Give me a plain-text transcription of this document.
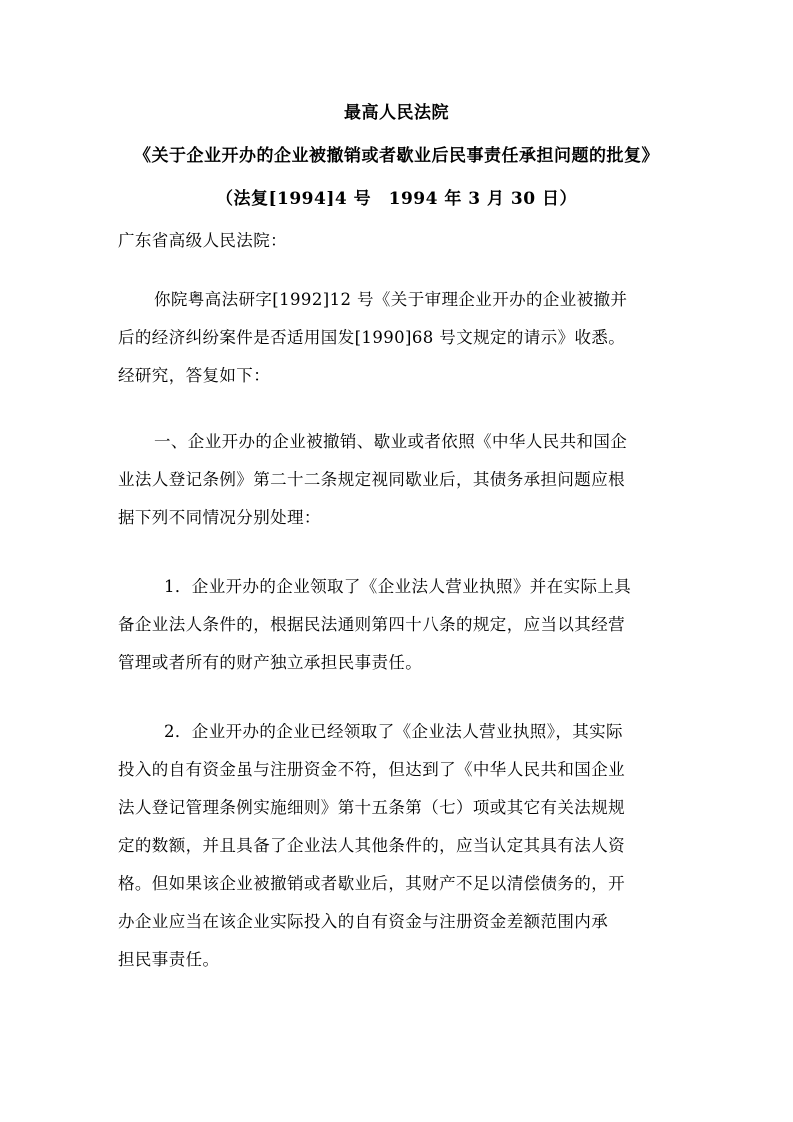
最高人民法院
《关于企业开办的企业被撤销或者歇业后民事责任承担问题的批复》
（法复[1994]4 号　1994 年 3 月 30 日）
广东省高级人民法院：
你院粤高法研字[1992]12 号《关于审理企业开办的企业被撤并
后的经济纠纷案件是否适用国发[1990]68 号文规定的请示》收悉。
经研究，答复如下：
一、企业开办的企业被撤销、歇业或者依照《中华人民共和国企
业法人登记条例》第二十二条规定视同歇业后，其债务承担问题应根
据下列不同情况分别处理：
1．企业开办的企业领取了《企业法人营业执照》并在实际上具
备企业法人条件的，根据民法通则第四十八条的规定，应当以其经营
管理或者所有的财产独立承担民事责任。
2．企业开办的企业已经领取了《企业法人营业执照》，其实际
投入的自有资金虽与注册资金不符，但达到了《中华人民共和国企业
法人登记管理条例实施细则》第十五条第（七）项或其它有关法规规
定的数额，并且具备了企业法人其他条件的，应当认定其具有法人资
格。但如果该企业被撤销或者歇业后，其财产不足以清偿债务的，开
办企业应当在该企业实际投入的自有资金与注册资金差额范围内承
担民事责任。
